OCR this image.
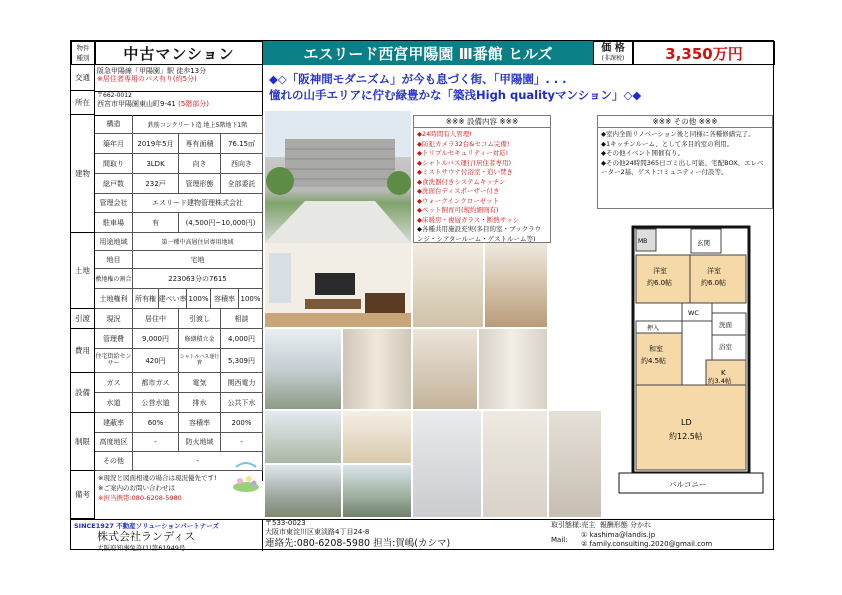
物件
種別	中古マンション	エスリード西宮甲陽園 Ⅲ番館 ヒルズ	価 格
(非課税)	3,350万円
交通
阪急甲陽線「甲陽園」駅 徒歩13分
※居住者専用のバス有り(約5分)
所在
〒662-0012
西宮市甲陽園東山町9-41 (5階部分)
建物
構造	鉄筋コンクリート造 地上5階地下1階
築年月	2019年5月	専有面積	76.15㎡
間取り	3LDK	向き	西向き
総戸数	232戸	管理形態	全部委託
管理会社	エスリード建物管理株式会社
駐車場	有	(4,500円~10,000円)
土地
用途地域	第一種中高層住居専用地域
地目	宅地
敷地権の割合	223063分の7615
土地権利	所有権 建ぺい率 100% 容積率 100%
引渡	現況	居住中	引渡し	相談
費用
管理費	9,000円	修繕積立金	4,000円
住宅街給センサー	420円	シャトルバス運行費	5,309円
設備
ガス	都市ガス	電気	関西電力
水道	公営水道	排水	公共下水
制限
建蔽率	60%	容積率	200%
高度地区	-	防火地域	-
その他	-
備考
※現況と図面相違の場合は現況優先です!
※ご案内のお問い合わせは
※担当携帯:080-6208-5980
◆◇「阪神間モダニズム」が今も息づく街、「甲陽園」. . .
憧れの山手エリアに佇む緑豊かな「築浅High qualityマンション」◇◆
※※※ 設備内容 ※※※
◆24時間有人管理!
◆防犯カメラ32台&セコム完備!
◆トリプルセキュリティー対応!
◆シャトルバス運行(居住者専用)
◆ミストサウナ付浴室・追い焚き
◆食洗器付きシステムキッチン
◆洗面台ディスポーザー付き
◆ウォークインクローゼット
◆ペット飼育可(規約細則有)
◆床暖房・複層ガラス・断熱サッシ
◆各種共用施設充実(多目的室・ブックラウンジ・シアタールーム・ゲストルーム等)
※※※ その他 ※※※
◆室内全面リノベーション後と同様に各種修繕完了。
◆1キッチンルーム、として多目的室の利用。
◆その他イベント開催有り。
◆その他24時間365日ゴミ出し可能、宅配BOX、エレベーター2基、ゲストコミュニティー付設等。
MB	玄関
洋室
約6.0帖
洋室
約6.0帖
和室
約4.5帖
WC
押入	洗面
浴室
K
約3.4帖
LD
約12.5帖
バルコニー
SINCE1927 不動産ソリューションパートナーズ
株式会社ランディス
大阪府知事免許(1)第61949号
〒533-0023
大阪市東淀川区東淡路4丁目24-8
連絡先:080-6208-5980 担当:賀嶋(カシマ)
取引態様:売主 報酬形態 分かれ
Mail:
① kashima@landis.jp
② family.consulting.2020@gmail.com
